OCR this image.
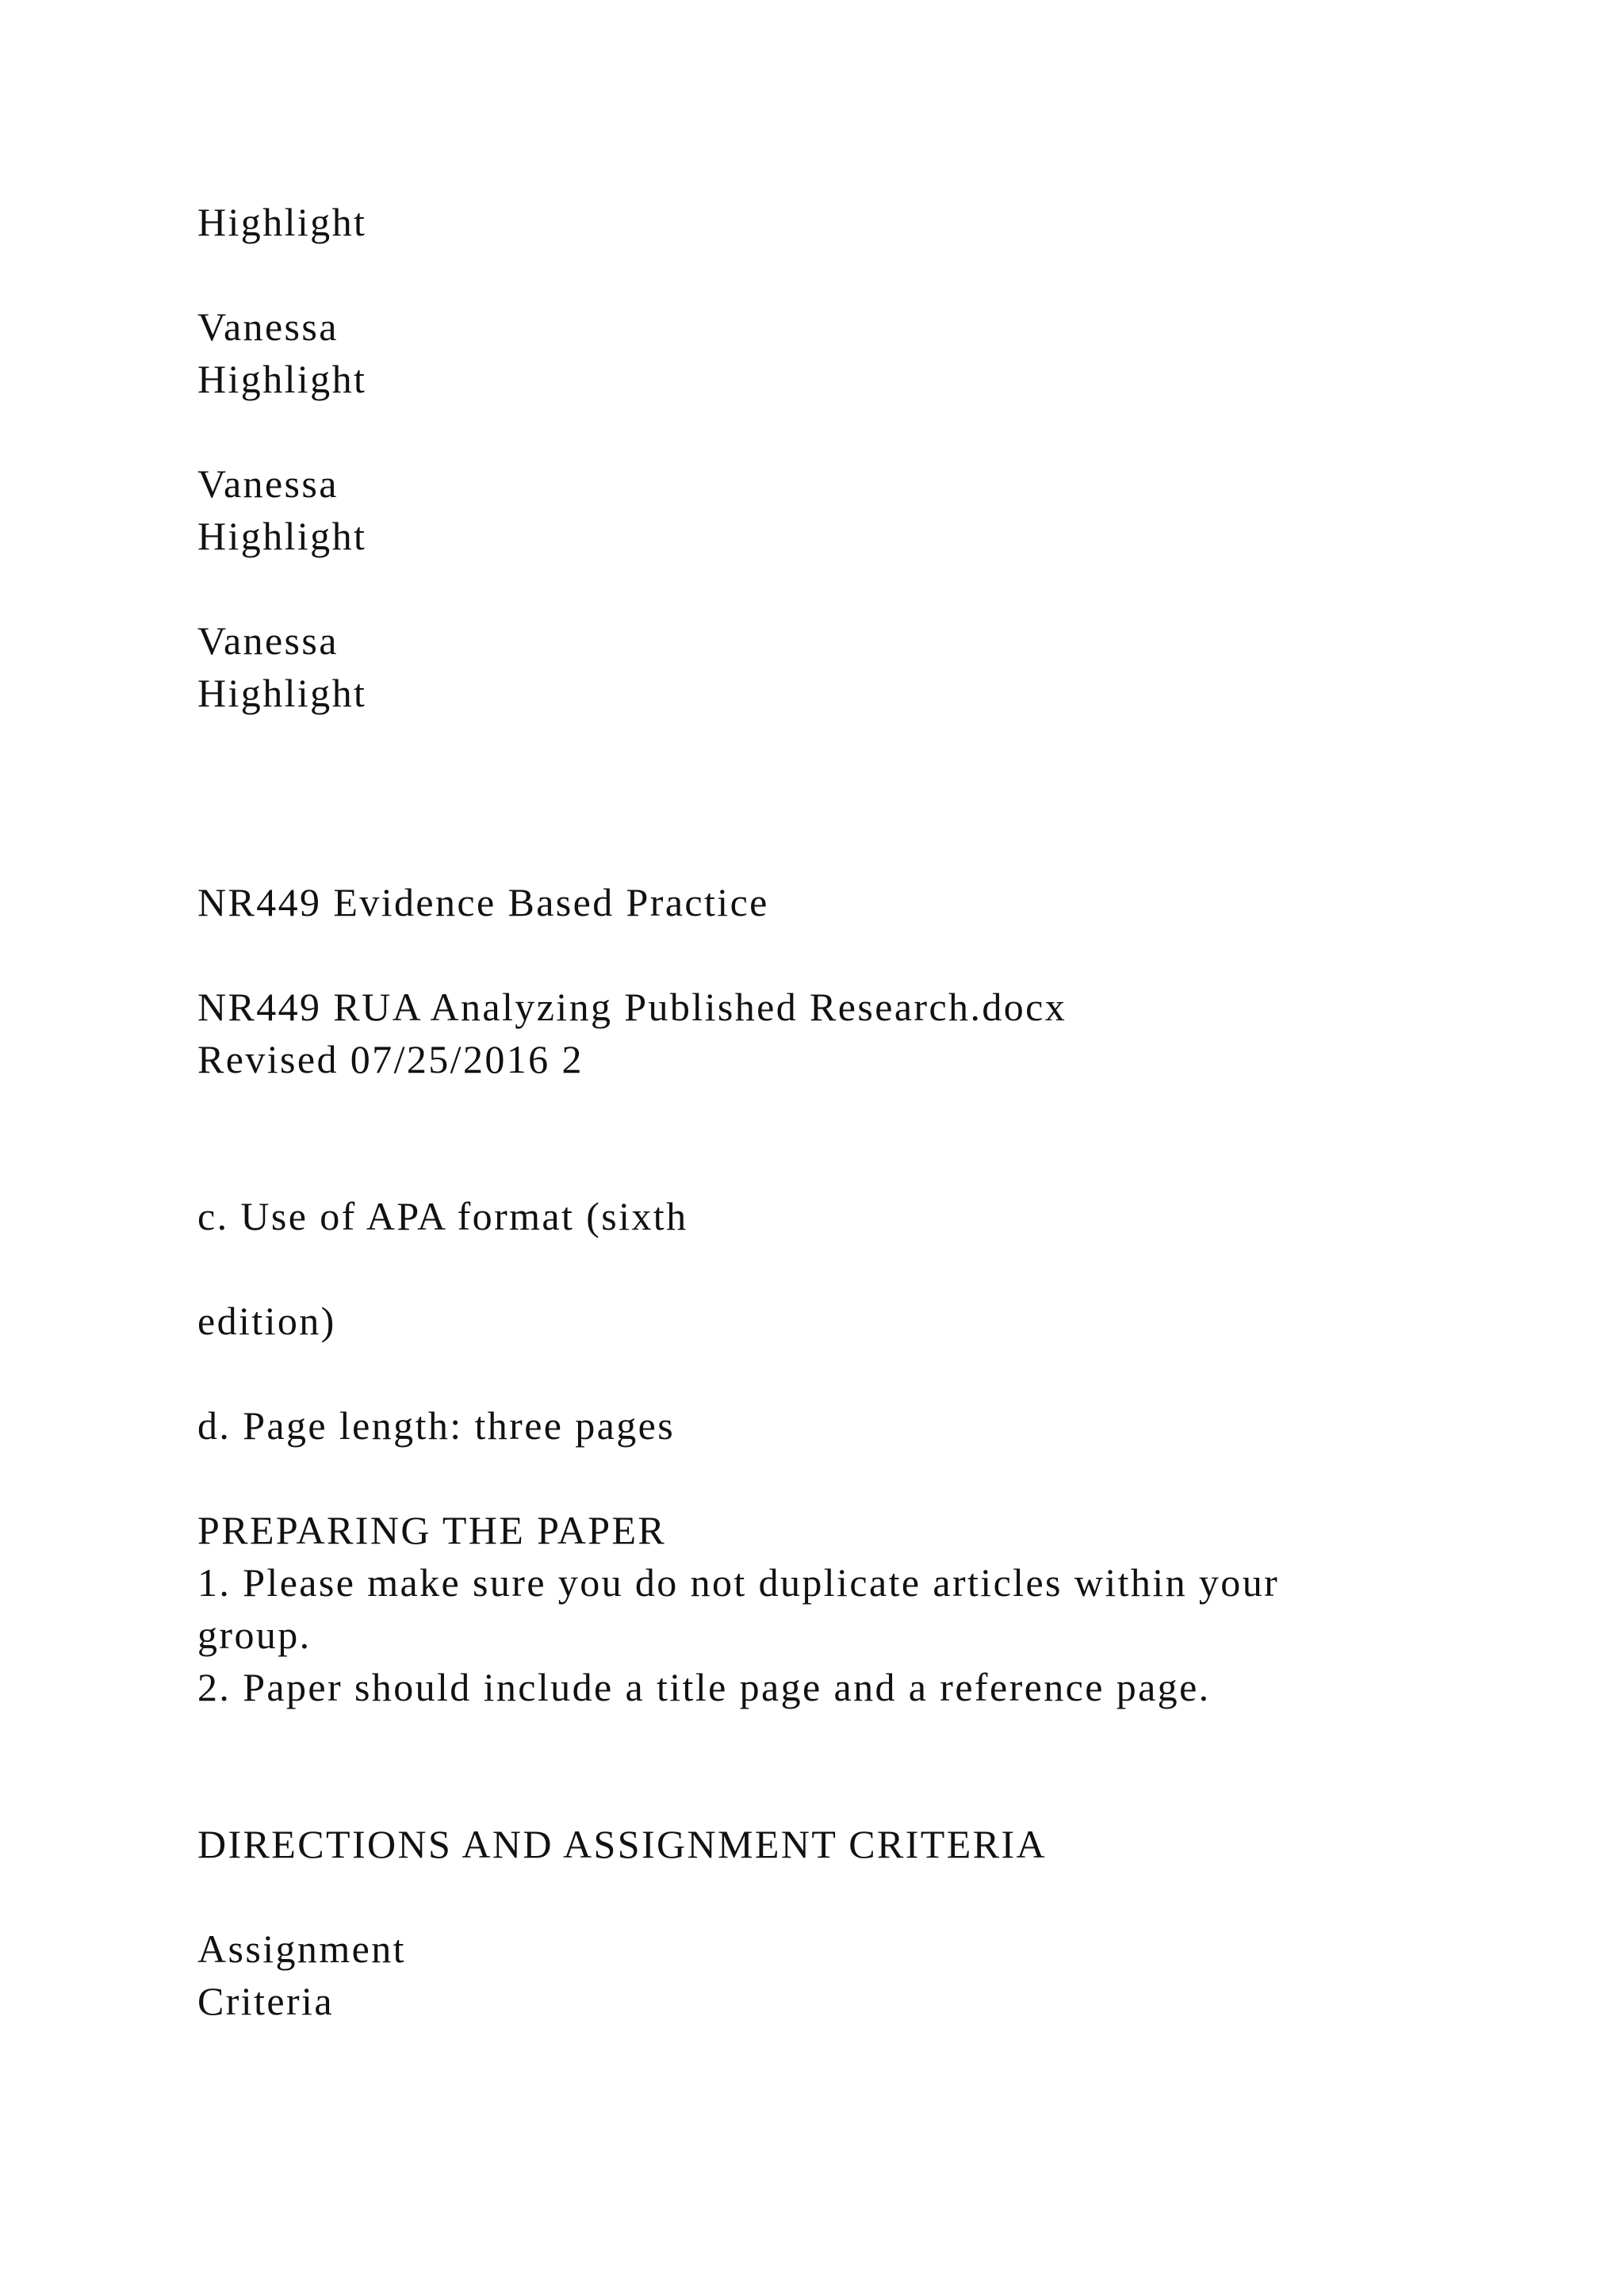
Highlight

Vanessa

Highlight

Vanessa

Highlight

Vanessa

Highlight

NR449 Evidence Based Practice

NR449 RUA Analyzing Published Research.docx

Revised 07/25/2016 2

c. Use of APA format (sixth

edition)

d. Page length: three pages

PREPARING THE PAPER

1. Please make sure you do not duplicate articles within your

group.

2. Paper should include a title page and a reference page.

DIRECTIONS AND ASSIGNMENT CRITERIA

Assignment

Criteria
